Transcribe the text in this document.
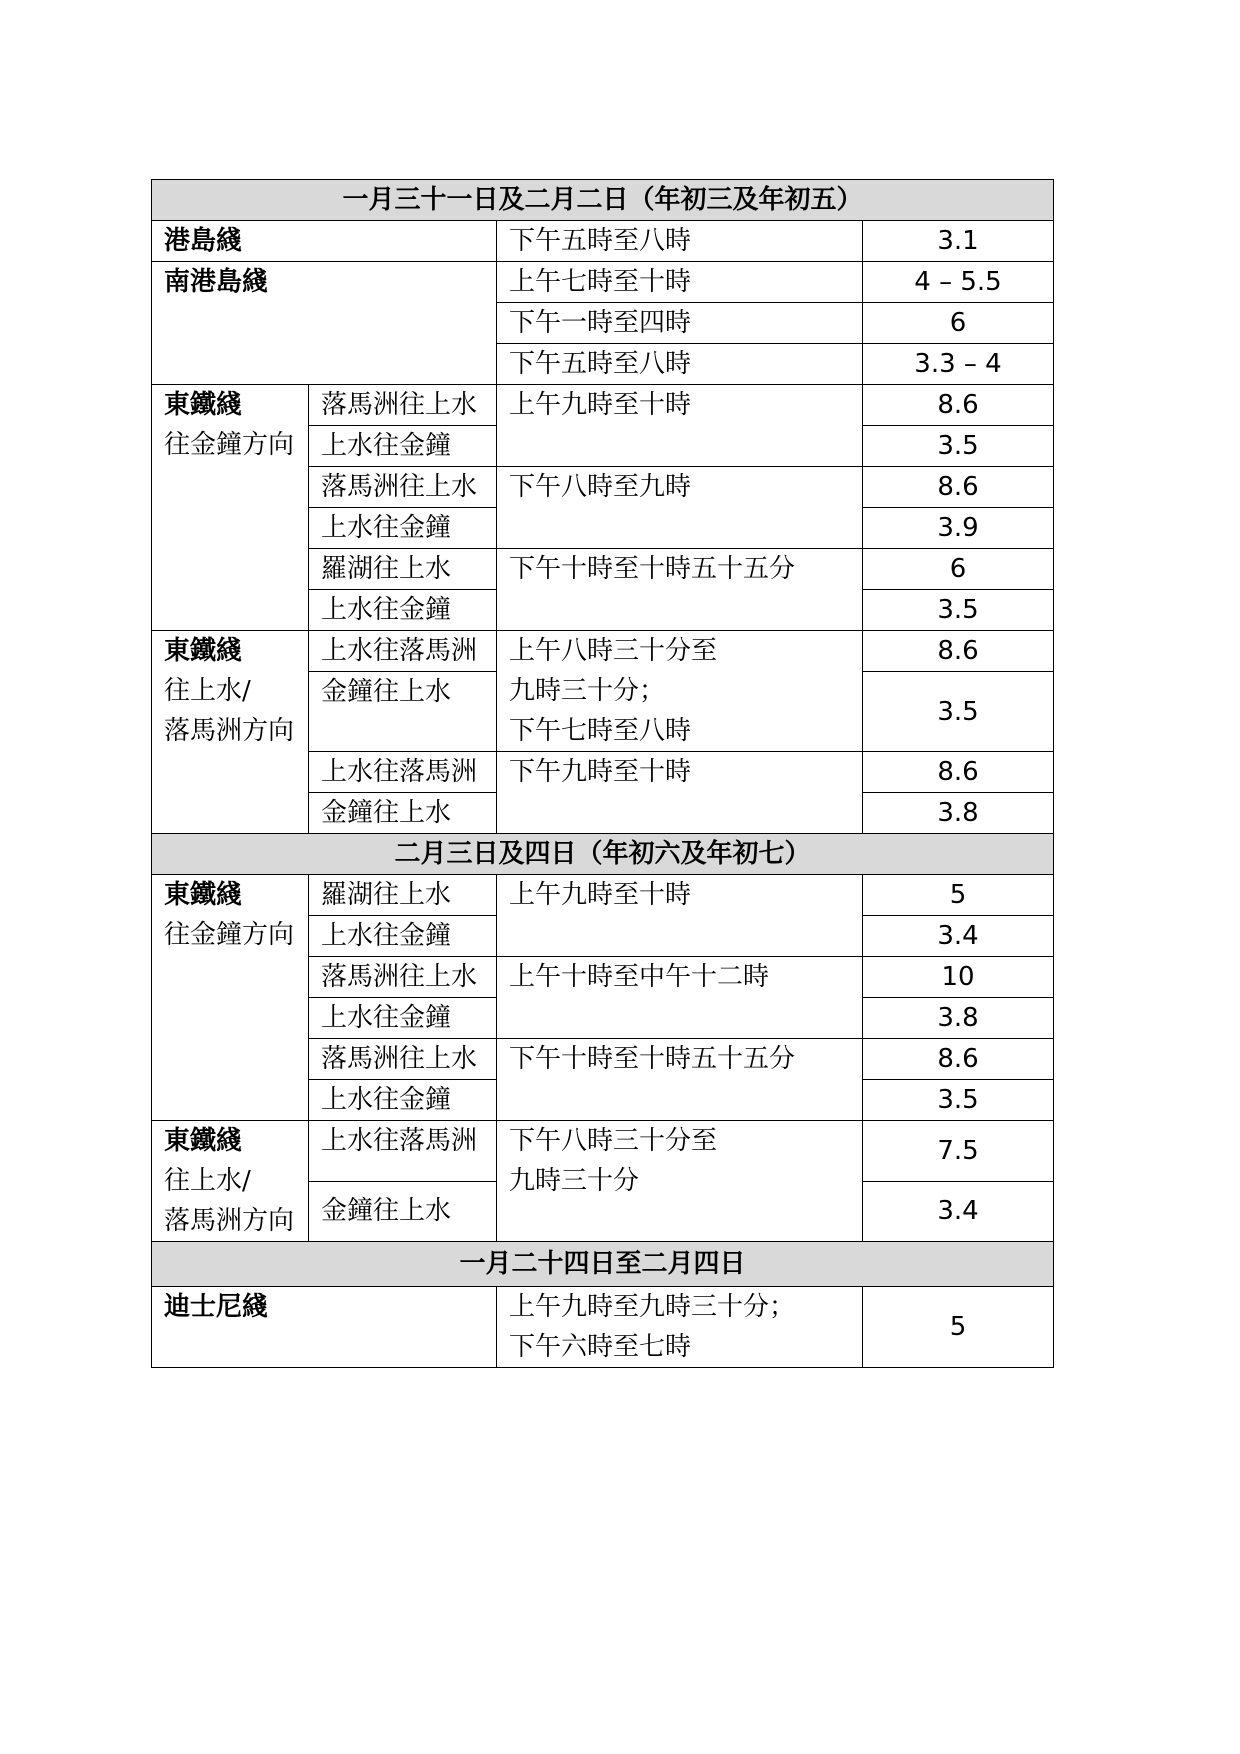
一月三十一日及二月二日（年初三及年初五）			
港島綫		下午五時至八時	3.1
南港島綫		上午七時至十時	4 – 5.5
		下午一時至四時	6
		下午五時至八時	3.3 – 4

東鐵綫
往金鐘方向	落馬洲往上水	上午九時至十時	8.6
	上水往金鐘		3.5
	落馬洲往上水	下午八時至九時	8.6
	上水往金鐘		3.9
	羅湖往上水	下午十時至十時五十五分	6
	上水往金鐘		3.5

東鐵綫
往上水/
落馬洲方向	上水往落馬洲	上午八時三十分至
九時三十分；
下午七時至八時	8.6
	金鐘往上水		3.5
	上水往落馬洲	下午九時至十時	8.6
	金鐘往上水		3.8
二月三日及四日（年初六及年初七）			

東鐵綫
往金鐘方向	羅湖往上水	上午九時至十時	5
	上水往金鐘		3.4
	落馬洲往上水	上午十時至中午十二時	10
	上水往金鐘		3.8
	落馬洲往上水	下午十時至十時五十五分	8.6
	上水往金鐘		3.5

東鐵綫
往上水/
落馬洲方向	上水往落馬洲	下午八時三十分至
九時三十分	7.5
	金鐘往上水		3.4
一月二十四日至二月四日			
迪士尼綫		上午九時至九時三十分；
下午六時至七時	5
